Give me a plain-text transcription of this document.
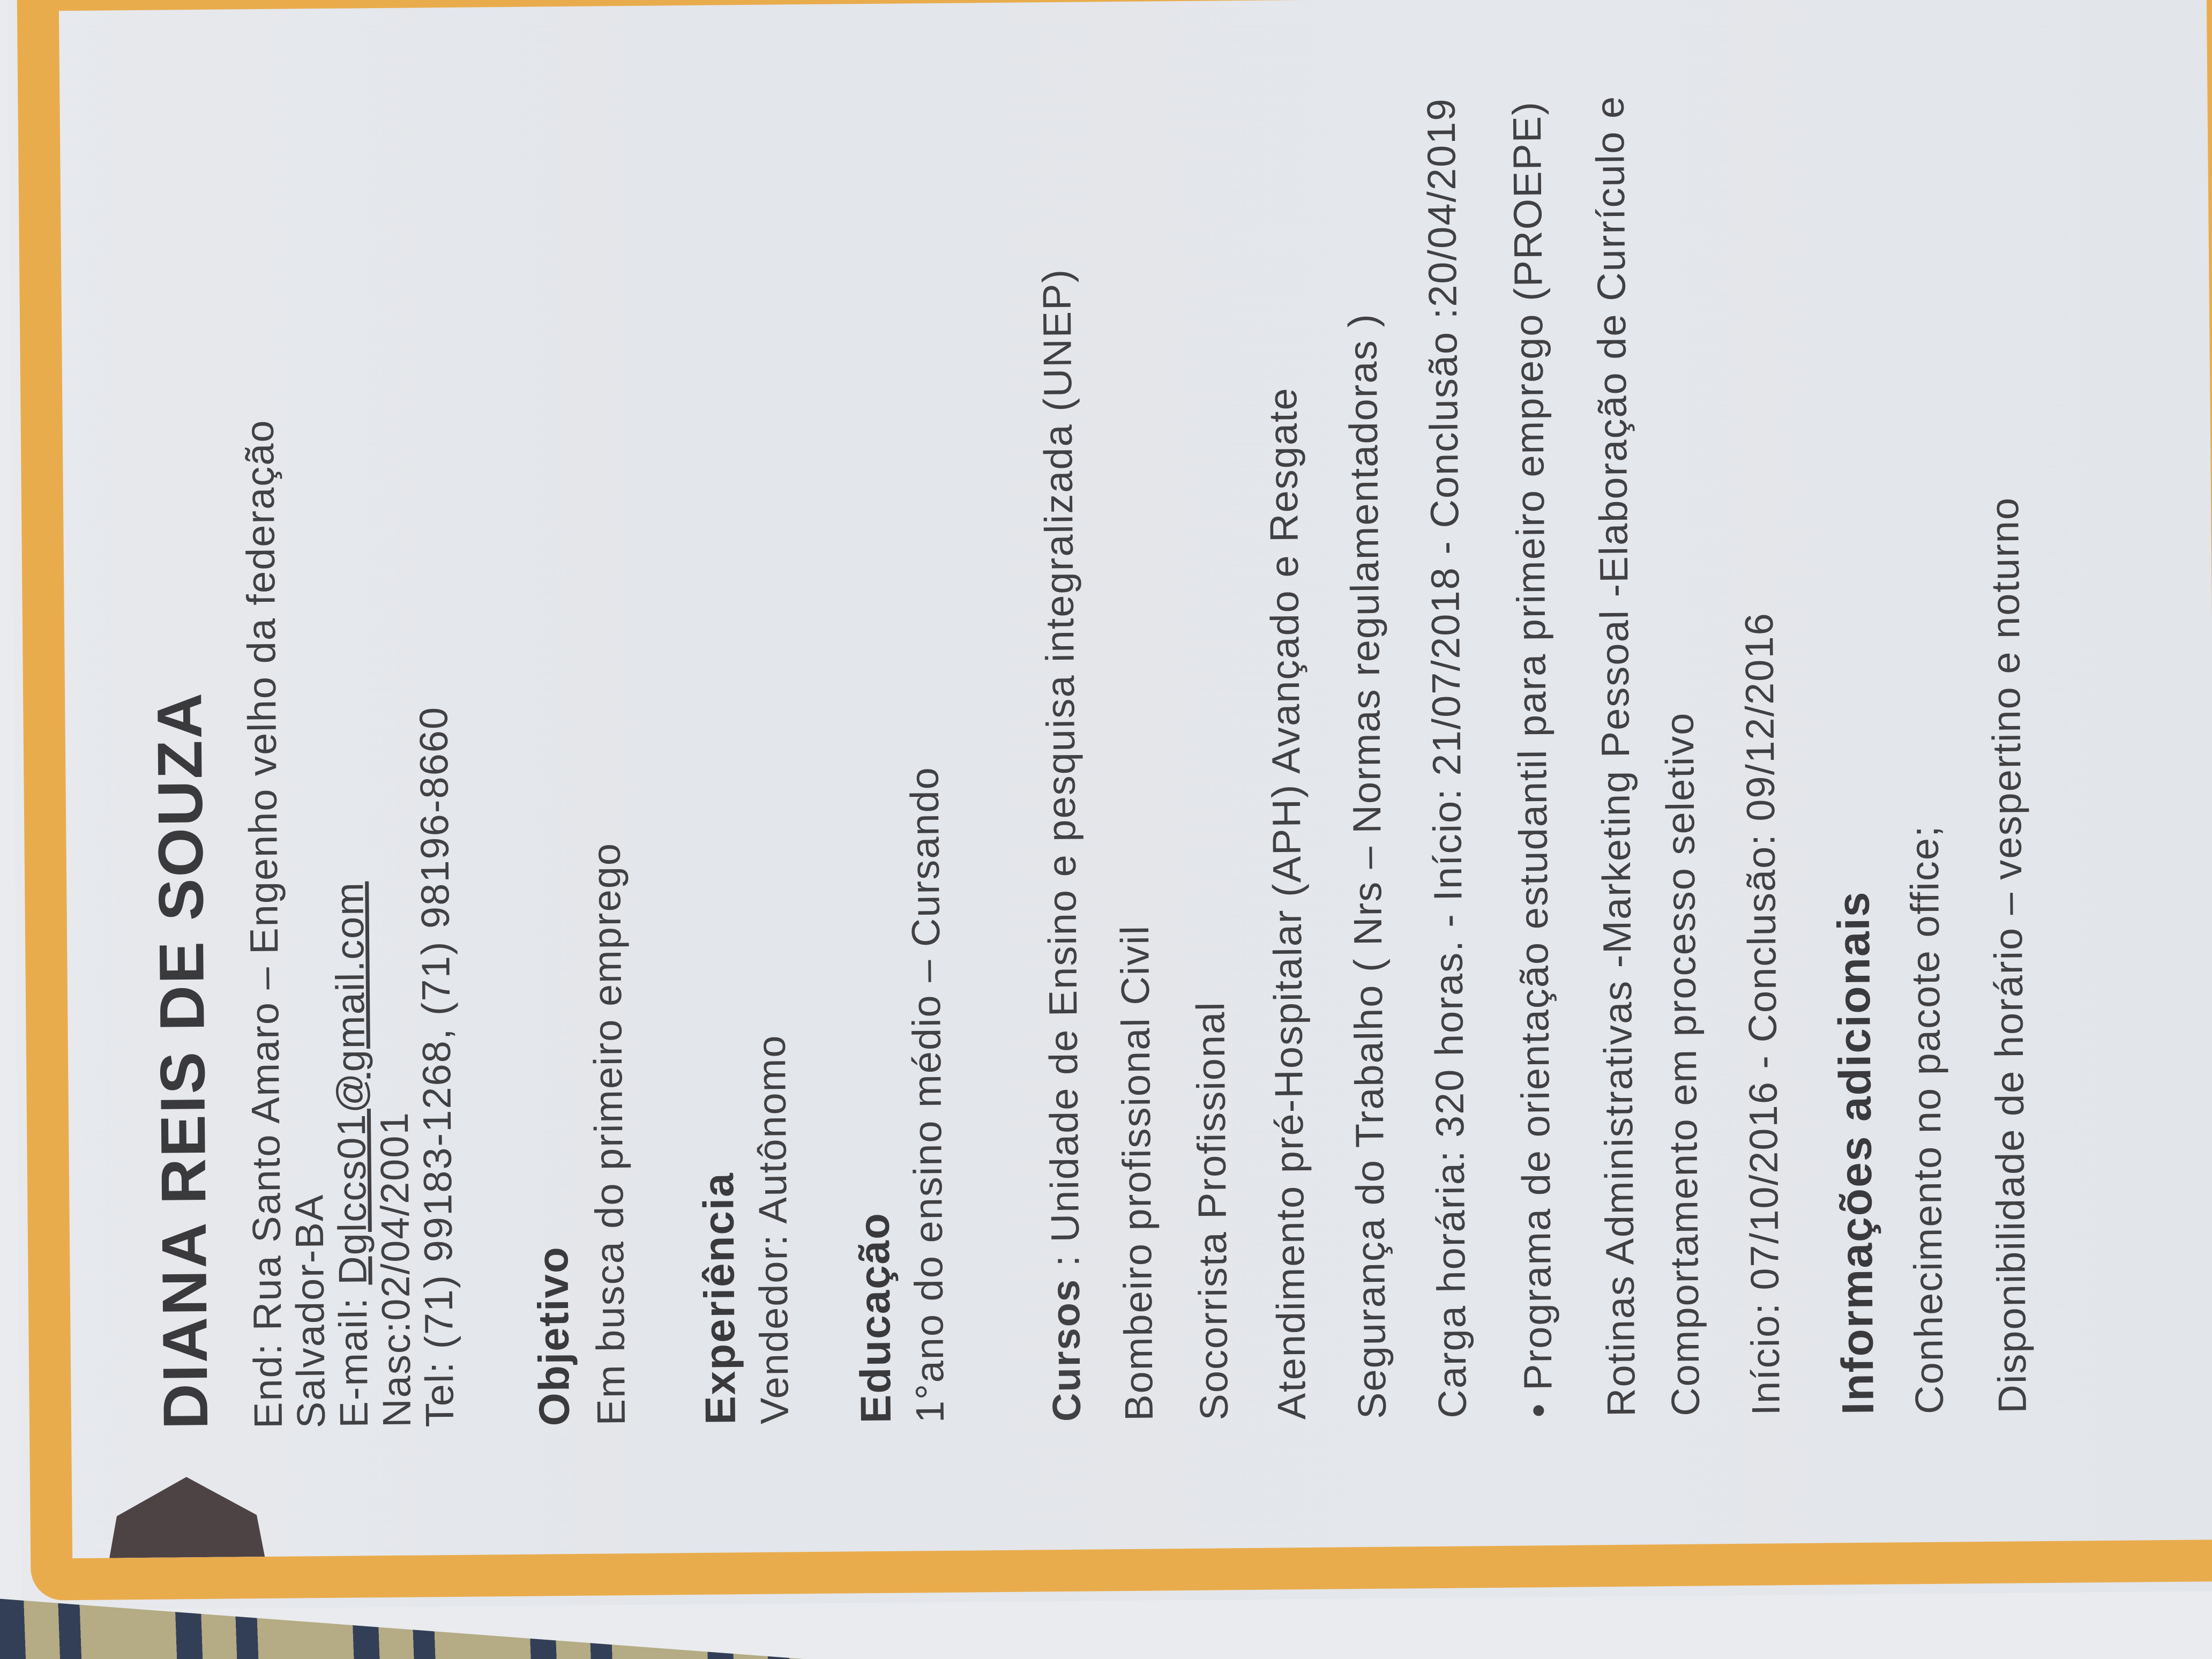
DIANA REIS DE SOUZA End: Rua Santo Amaro – Engenho velho da federação
Salvador-BA
E-mail: Dglccs01@gmail.com
Nasc:02/04/2001
Tel: (71) 99183-1268, (71) 98196-8660 Objetivo Em busca do primeiro emprego Experiência Vendedor: Autônomo Educação 1°ano do ensino médio – Cursando Cursos : Unidade de Ensino e pesquisa integralizada (UNEP) Bombeiro profissional Civil Socorrista Profissional Atendimento pré-Hospitalar (APH) Avançado e Resgate Segurança do Trabalho ( Nrs – Normas regulamentadoras ) Carga horária: 320 horas. - Início: 21/07/2018 - Conclusão :20/04/2019 • Programa de orientação estudantil para primeiro emprego (PROEPE) Rotinas Administrativas -Marketing Pessoal -Elaboração de Currículo e Comportamento em processo seletivo Início: 07/10/2016 - Conclusão: 09/12/2016 Informações adicionais Conhecimento no pacote office; Disponibilidade de horário – vespertino e noturno
